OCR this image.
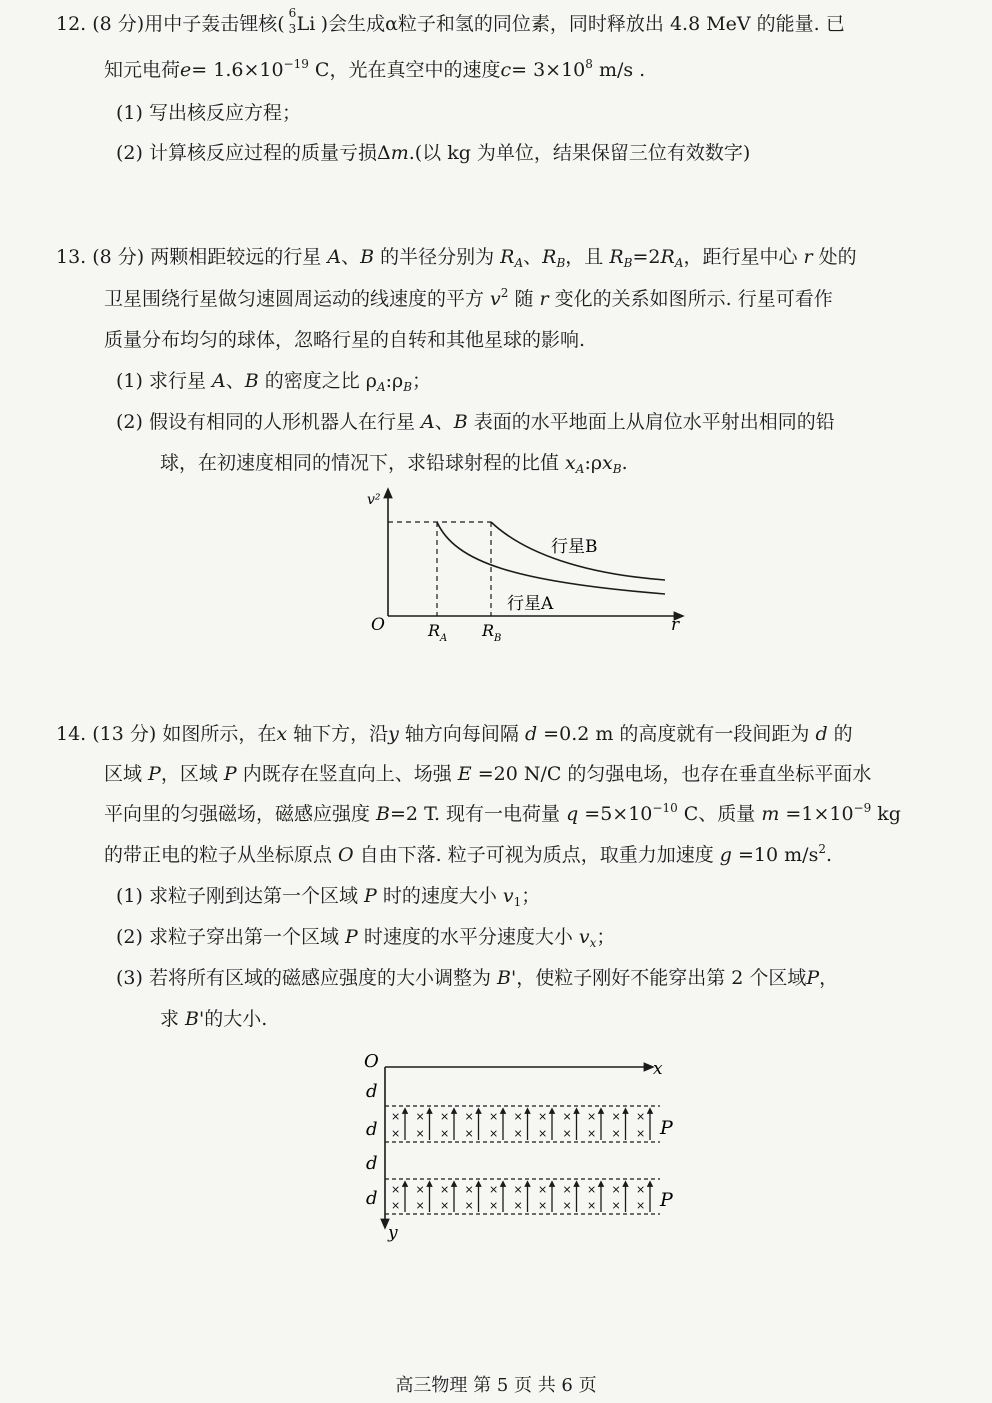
12. (8 分)用中子轰击锂核( 6
3 Li )会生成α粒子和氢的同位素，同时释放出 4.8 MeV 的能量. 已
知元电荷$e= 1.6\times 10^{-19}$ C，光在真空中的速度$c= 3\times 10^8$ m/s .
(1) 写出核反应方程；
(2) 计算核反应过程的质量亏损Δm.(以 kg 为单位，结果保留三位有效数字)
13. (8 分) 两颗相距较远的行星 A、B 的半径分别为 $R_A$、$R_B$，且 $R_B=2R_A$，距行星中心 r 处的
卫星围绕行星做匀速圆周运动的线速度的平方 $v^2$ 随 r 变化的关系如图所示. 行星可看作
质量分布均匀的球体，忽略行星的自转和其他星球的影响.
(1) 求行星 A、B 的密度之比 $\rho_A:\rho_B$；
(2) 假设有相同的人形机器人在行星 A、B 表面的水平地面上从肩位水平射出相同的铅
球，在初速度相同的情况下，求铅球射程的比值 $x_A:\rho x_B$.
v²
O	r
R A R B
行星B
行星A
14. (13 分) 如图所示，在x 轴下方，沿y 轴方向每间隔 d =0.2 m 的高度就有一段间距为 d 的
区域 P，区域 P 内既存在竖直向上、场强 E =20 N/C 的匀强电场，也存在垂直坐标平面水
平向里的匀强磁场，磁感应强度 B=2 T. 现有一电荷量 $q =5\times 10^{-10}$ C、质量 $m =1\times 10^{-9}$ kg
的带正电的粒子从坐标原点 O 自由下落. 粒子可视为质点，取重力加速度 g =10 $m/s^2$.
(1) 求粒子刚到达第一个区域 P 时的速度大小 $v_1$；
(2) 求粒子穿出第一个区域 P 时速度的水平分速度大小 $v_x$；
(3) 若将所有区域的磁感应强度的大小调整为 B'，使粒子刚好不能穿出第 2 个区域P，
求 B'的大小.
O	x
y
d
d
d
d
×
×
×
×
×
×
×
×
×
×
×
×
×
×
×
×
×
×
×
×
×
× P
×
×
×
×
×
×
×
×
×
×
×
×
×
×
×
×
×
×
×
×
×
× P
高三物理 第 5 页 共 6 页
